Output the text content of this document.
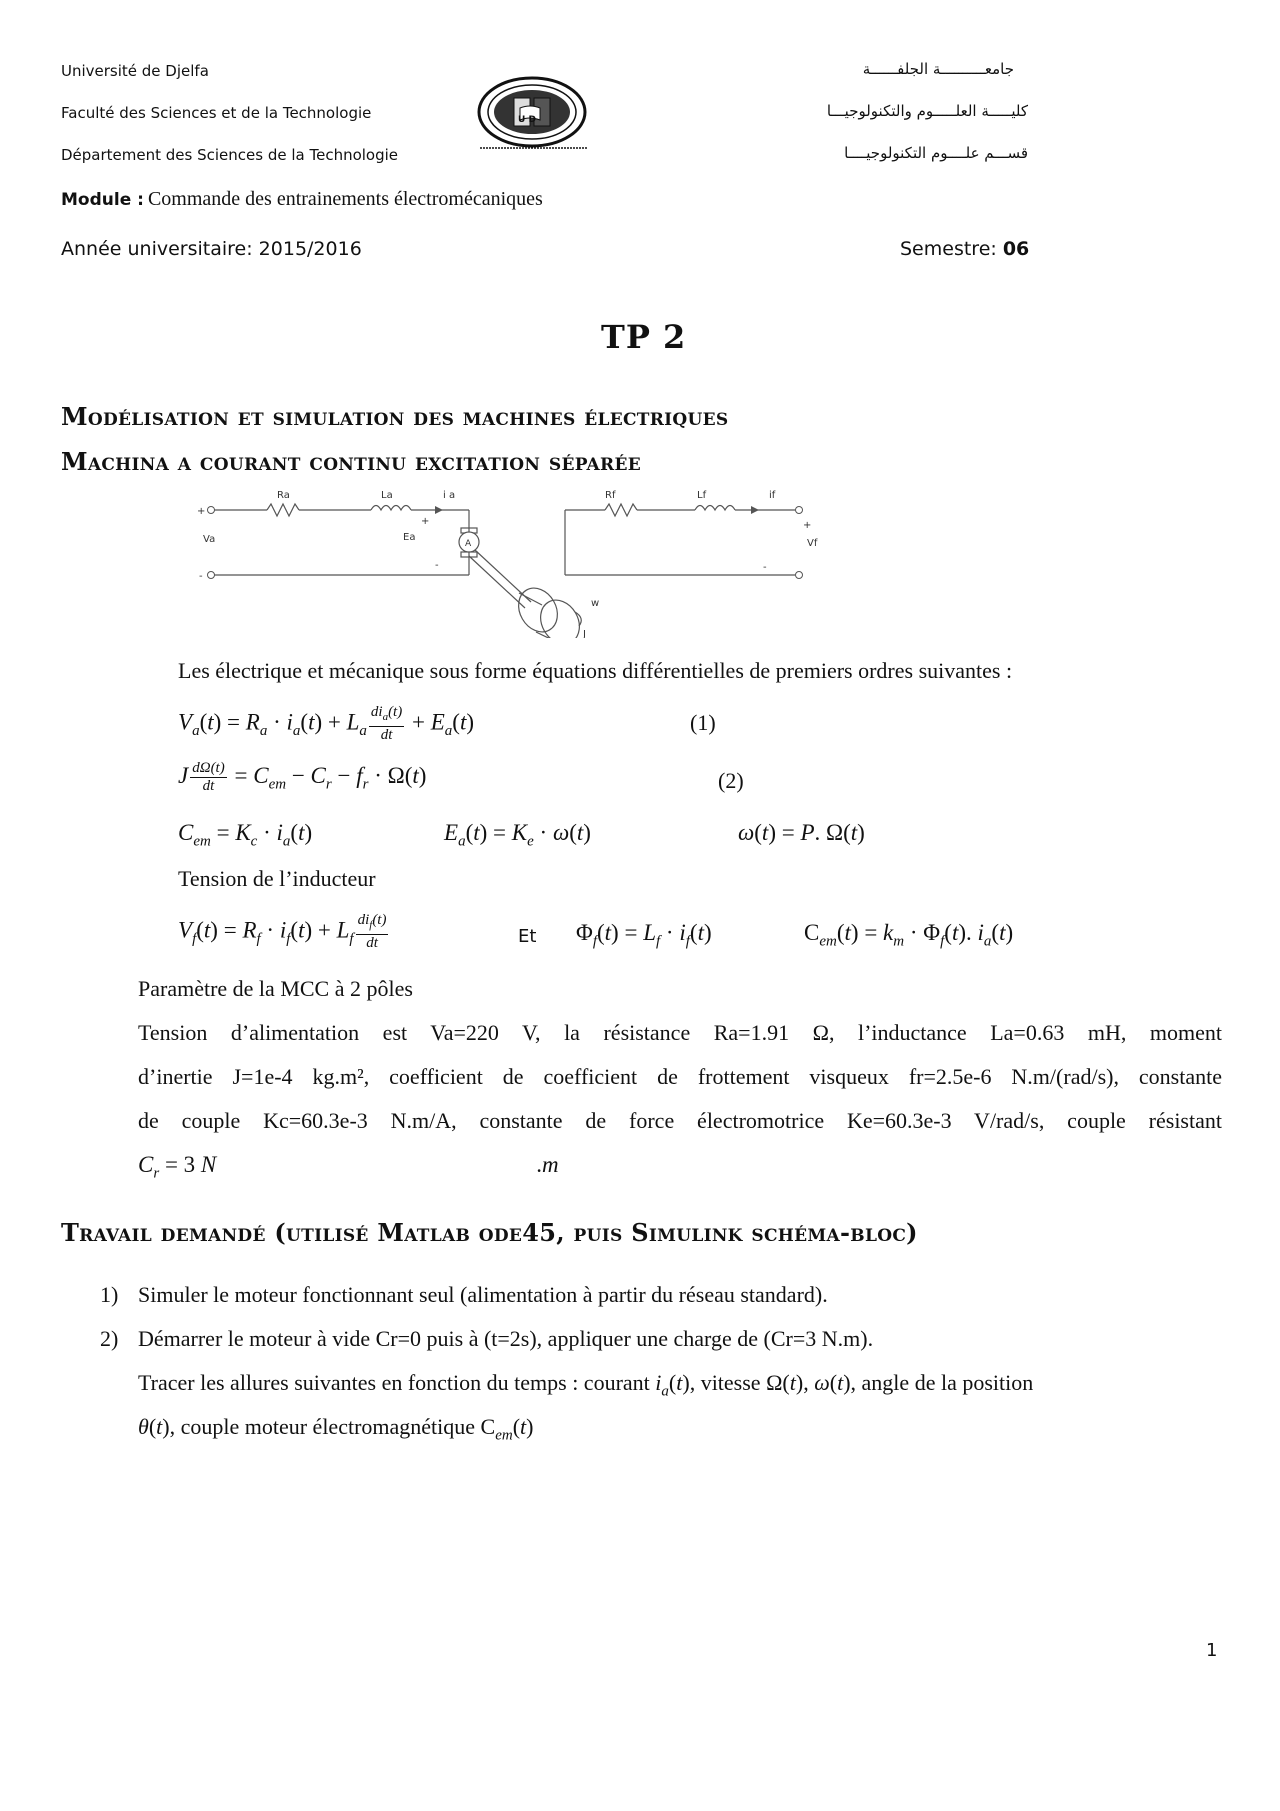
Université de Djelfa
Faculté des Sciences et de la Technologie
Département des Sciences de la Technologie
U D
جامعــــــــــة الجلفــــــة
كليـــــة العلـــــوم والتكنولوجيـــا
قســـم علــــوم التكنولوجيــــا
Module : Commande des entrainements électromécaniques
Année universitaire: 2015/2016	Semestre: 06
TP 2
Modélisation et simulation des machines électriques
Machina a courant continu excitation séparée
Ra	La	i a
Va	Ea
A
Rf	Lf	if
Vf
w
J
+
-
+
-
+
-
Les électrique et mécanique sous forme équations différentielles de premiers ordres suivantes :
$V_a(t) = R_a \cdot i_a(t) + L_a \frac{di_a(t)}{dt} + E_a(t)$	(1)
J $\frac{d\Omega(t)}{dt} = C_{em} - C_r - f_r \cdot \Omega(t)$	(2)
$C_{em} = K_c \cdot i_a(t)$	$E_a(t) = K_e \cdot \omega(t)$	ω(t) = P. Ω(t)
Tension de l’inducteur
$V_f(t) = R_f \cdot i_f(t) + L_f \frac{di_f(t)}{dt}$	Et $\Phi_f(t) = L_f \cdot i_f(t)$	$C_{em}(t) = k_m \cdot \Phi_f(t)$. $i_a(t)$
Paramètre de la MCC à 2 pôles
Tension d’alimentation est Va=220 V, la résistance Ra=1.91 Ω, l’inductance La=0.63 mH, moment
d’inertie J=1e-4 kg.m², coefficient de coefficient de frottement visqueux fr=2.5e-6 N.m/(rad/s), constante
de couple Kc=60.3e-3 N.m/A, constante de force électromotrice Ke=60.3e-3 V/rad/s, couple résistant
$C_r = 3$ N	.m
Travail demandé (utilisé Matlab ode45, puis Simulink schéma-bloc)
1) Simuler le moteur fonctionnant seul (alimentation à partir du réseau standard).
2) Démarrer le moteur à vide Cr=0 puis à (t=2s), appliquer une charge de (Cr=3 N.m).
Tracer les allures suivantes en fonction du temps : courant $i_a(t)$, vitesse Ω(t), ω(t), angle de la position
θ(t), couple moteur électromagnétique $C_{em}(t)$
1
